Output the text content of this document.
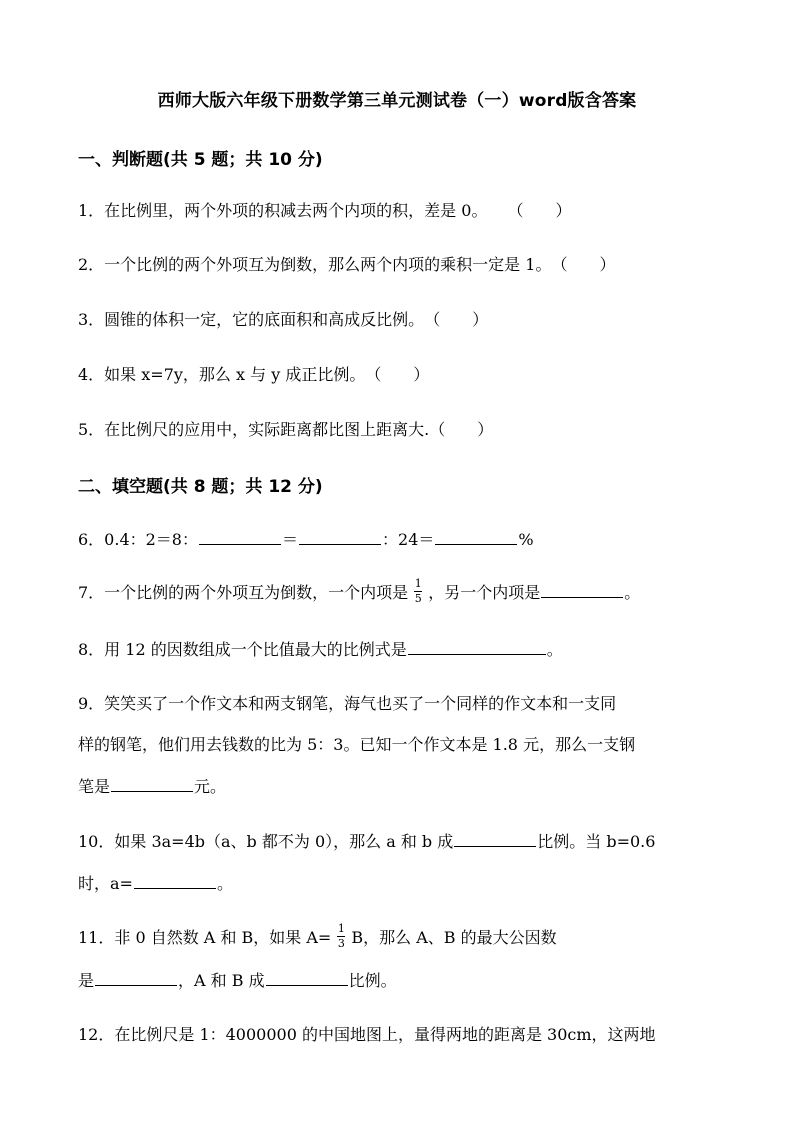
西师大版六年级下册数学第三单元测试卷（一）word版含答案
一、判断题(共 5 题；共 10 分)
1．在比例里，两个外项的积减去两个内项的积，差是 0。 （　　）
2．一个比例的两个外项互为倒数，那么两个内项的乘积一定是 1。（　　）
3．圆锥的体积一定，它的底面积和高成反比例。（　　）
4．如果 x=7y，那么 x 与 y 成正比例。（　　）
5．在比例尺的应用中，实际距离都比图上距离大.（　　）
二、填空题(共 8 题；共 12 分)
6．0.4：2＝8：	＝	：24＝	%
7．一个比例的两个外项互为倒数，一个内项是 $\frac{1}{5}$ ，另一个内项是	。
8．用 12 的因数组成一个比值最大的比例式是	。
9．笑笑买了一个作文本和两支钢笔，海气也买了一个同样的作文本和一支同
样的钢笔，他们用去钱数的比为 5：3。已知一个作文本是 1.8 元，那么一支钢
笔是	元。
10．如果 3a=4b（a、b 都不为 0），那么 a 和 b 成	比例。当 b=0.6
时，a=	。
11．非 0 自然数 A 和 B，如果 $A= \frac{1}{3}$ B，那么 A、B 的最大公因数
是	，A 和 B 成	比例。
12．在比例尺是 1：4000000 的中国地图上，量得两地的距离是 30cm，这两地
